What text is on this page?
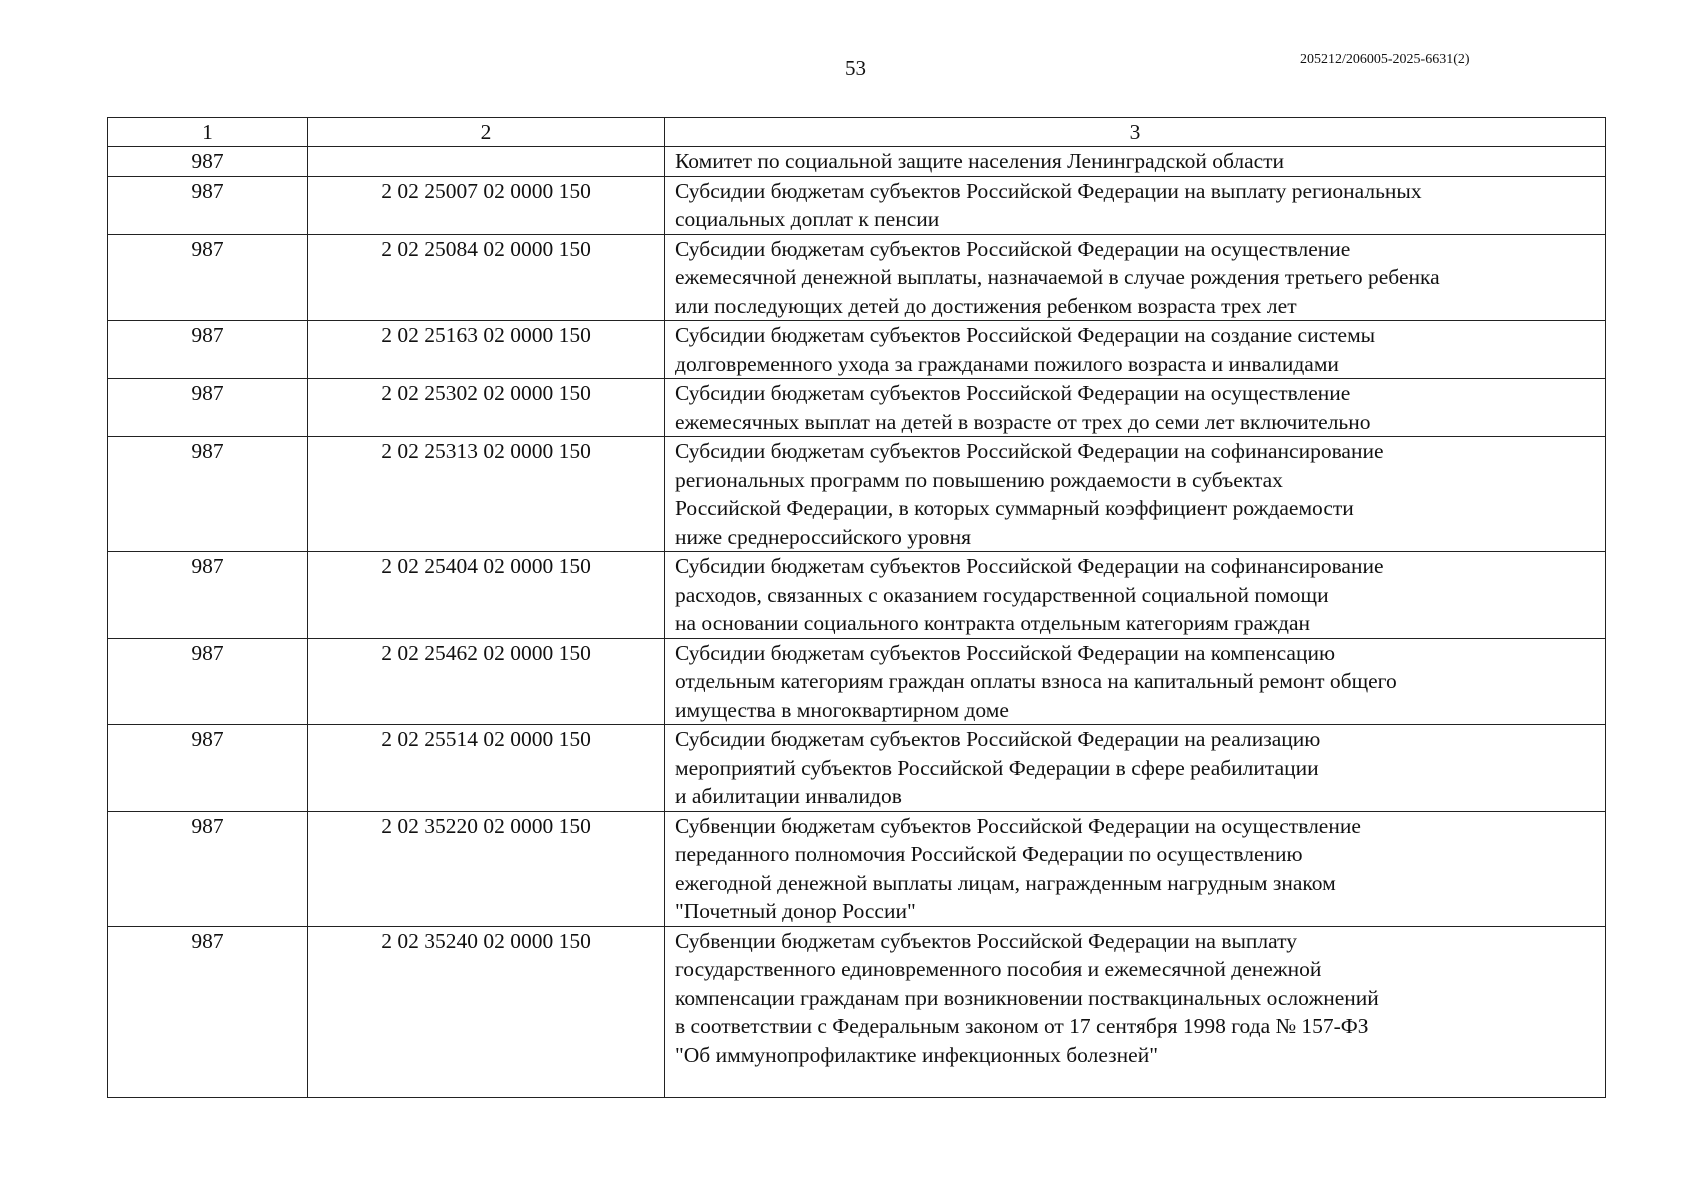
53	205212/206005-2025-6631(2)
1	2	3
987		Комитет по социальной защите населения Ленинградской области

987	2 02 25007 02 0000 150	Субсидии бюджетам субъектов Российской Федерации на выплату региональных
социальных доплат к пенсии

987	2 02 25084 02 0000 150	Субсидии бюджетам субъектов Российской Федерации на осуществление
ежемесячной денежной выплаты, назначаемой в случае рождения третьего ребенка
или последующих детей до достижения ребенком возраста трех лет

987	2 02 25163 02 0000 150	Субсидии бюджетам субъектов Российской Федерации на создание системы
долговременного ухода за гражданами пожилого возраста и инвалидами

987	2 02 25302 02 0000 150	Субсидии бюджетам субъектов Российской Федерации на осуществление
ежемесячных выплат на детей в возрасте от трех до семи лет включительно

987	2 02 25313 02 0000 150	Субсидии бюджетам субъектов Российской Федерации на софинансирование
региональных программ по повышению рождаемости в субъектах
Российской Федерации, в которых суммарный коэффициент рождаемости
ниже среднероссийского уровня

987	2 02 25404 02 0000 150	Субсидии бюджетам субъектов Российской Федерации на софинансирование
расходов, связанных с оказанием государственной социальной помощи
на основании социального контракта отдельным категориям граждан

987	2 02 25462 02 0000 150	Субсидии бюджетам субъектов Российской Федерации на компенсацию
отдельным категориям граждан оплаты взноса на капитальный ремонт общего
имущества в многоквартирном доме

987	2 02 25514 02 0000 150	Субсидии бюджетам субъектов Российской Федерации на реализацию
мероприятий субъектов Российской Федерации в сфере реабилитации
и абилитации инвалидов

987	2 02 35220 02 0000 150	Субвенции бюджетам субъектов Российской Федерации на осуществление
переданного полномочия Российской Федерации по осуществлению
ежегодной денежной выплаты лицам, награжденным нагрудным знаком
"Почетный донор России"

987	2 02 35240 02 0000 150	Субвенции бюджетам субъектов Российской Федерации на выплату
государственного единовременного пособия и ежемесячной денежной
компенсации гражданам при возникновении поствакцинальных осложнений
в соответствии с Федеральным законом от 17 сентября 1998 года № 157-ФЗ
"Об иммунопрофилактике инфекционных болезней"
